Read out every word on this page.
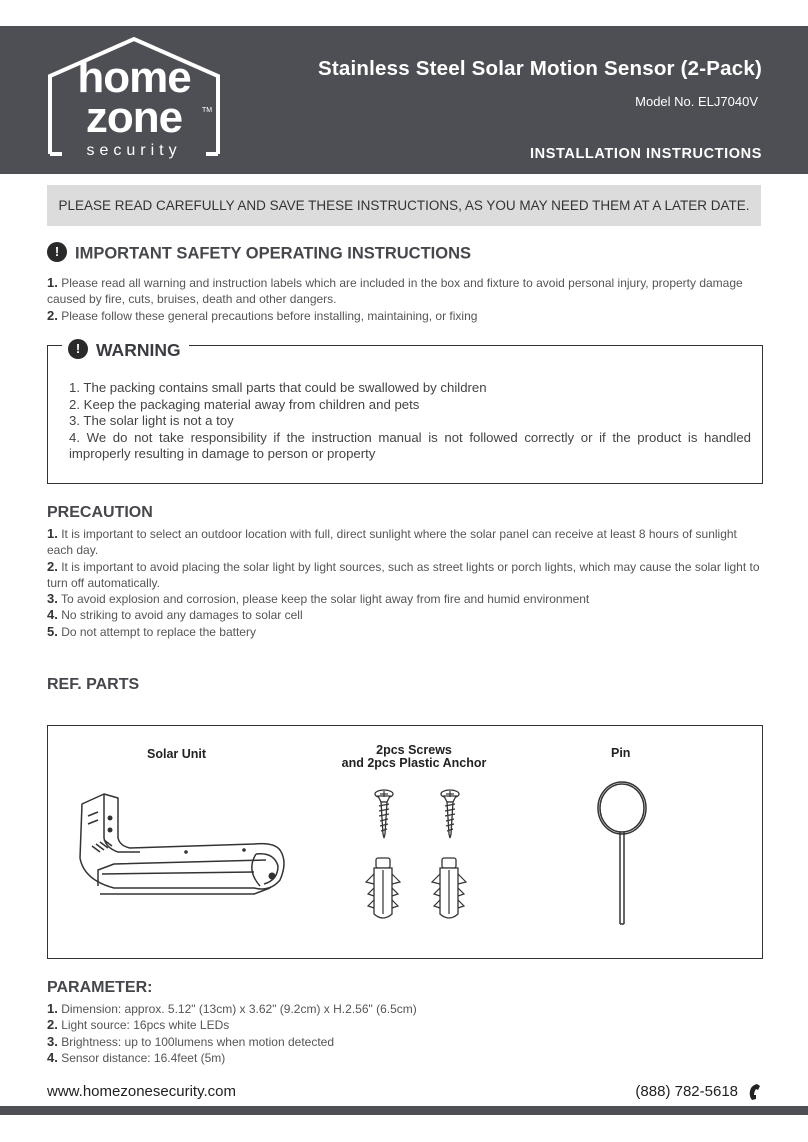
home
zone	TM
security
Stainless Steel Solar Motion Sensor (2-Pack)
Model No. ELJ7040V
INSTALLATION INSTRUCTIONS
PLEASE READ CAREFULLY AND SAVE THESE INSTRUCTIONS, AS YOU MAY NEED THEM AT A LATER DATE.
! IMPORTANT SAFETY OPERATING INSTRUCTIONS

1. Please read all warning and instruction labels which are included in the box and fixture to avoid personal injury, property damage caused by fire, cuts, bruises, death and other dangers.

2. Please follow these general precautions before installing, maintaining, or fixing

! WARNING

1. The packing contains small parts that could be swallowed by children

2. Keep the packaging material away from children and pets

3. The solar light is not a toy

4. We do not take responsibility if the instruction manual is not followed correctly or if the product is handled improperly resulting in damage to person or property

PRECAUTION

1. It is important to select an outdoor location with full, direct sunlight where the solar panel can receive at least 8 hours of sunlight each day.

2. It is important to avoid placing the solar light by light sources, such as street lights or porch lights, which may cause the solar light to turn off automatically.

3. To avoid explosion and corrosion, please keep the solar light away from fire and humid environment

4. No striking to avoid any damages to solar cell

5. Do not attempt to replace the battery

REF. PARTS
Solar Unit	2pcs Screws
and 2pcs Plastic Anchor
Pin
PARAMETER:

1. Dimension: approx. 5.12" (13cm) x 3.62" (9.2cm) x H.2.56" (6.5cm)

2. Light source: 16pcs white LEDs

3. Brightness: up to 100lumens when motion detected

4. Sensor distance: 16.4feet (5m)

www.homezonesecurity.com	(888) 782-5618
